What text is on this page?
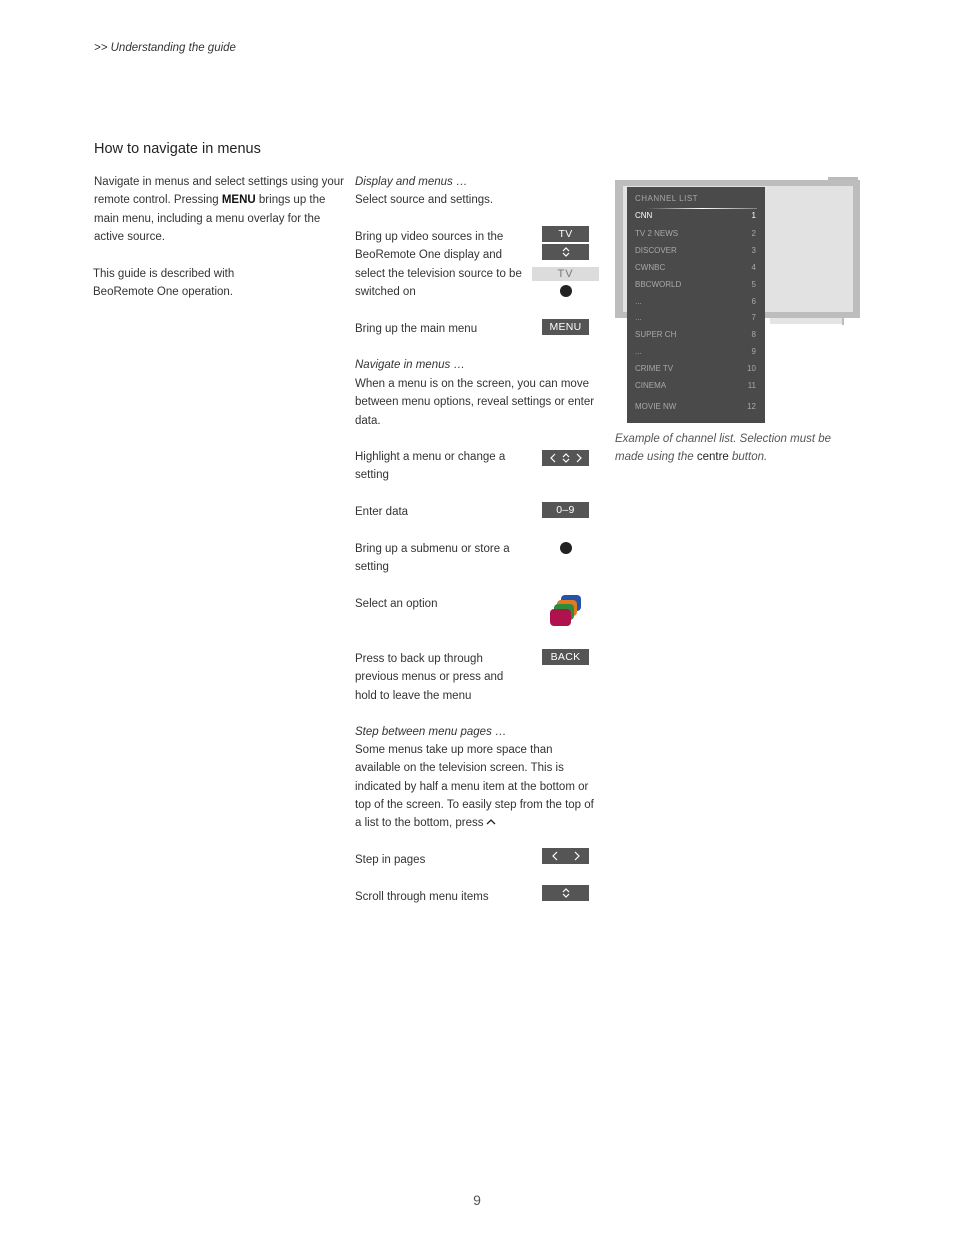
>> Understanding the guide
How to navigate in menus

Navigate in menus and select settings using your remote control. Pressing MENU brings up the main menu, including a menu overlay for the active source.

This guide is described with BeoRemote One operation.

Display and menus …

Select source and settings.

Bring up video sources in the BeoRemote One display and select the television source to be switched on

TV
TV

Bring up the main menu	MENU

Navigate in menus …

When a menu is on the screen, you can move between menu options, reveal settings or enter data.

Highlight a menu or change a setting

Enter data	0–9

Bring up a submenu or store a setting

Select an option

Press to back up through previous menus or press and hold to leave the menu

BACK

Step between menu pages …

Some menus take up more space than available on the television screen. This is indicated by half a menu item at the bottom or top of the screen. To easily step from the top of a list to the bottom, press

Step in pages

Scroll through menu items

CHANNEL LIST
CNN	1
TV 2 NEWS	2
DISCOVER	3
CWNBC	4
BBCWORLD	5
...	6
...	7
SUPER CH	8
...	9
CRIME TV	10
CINEMA	11
MOVIE NW	12

Example of channel list. Selection must be made using the centre button.

9
